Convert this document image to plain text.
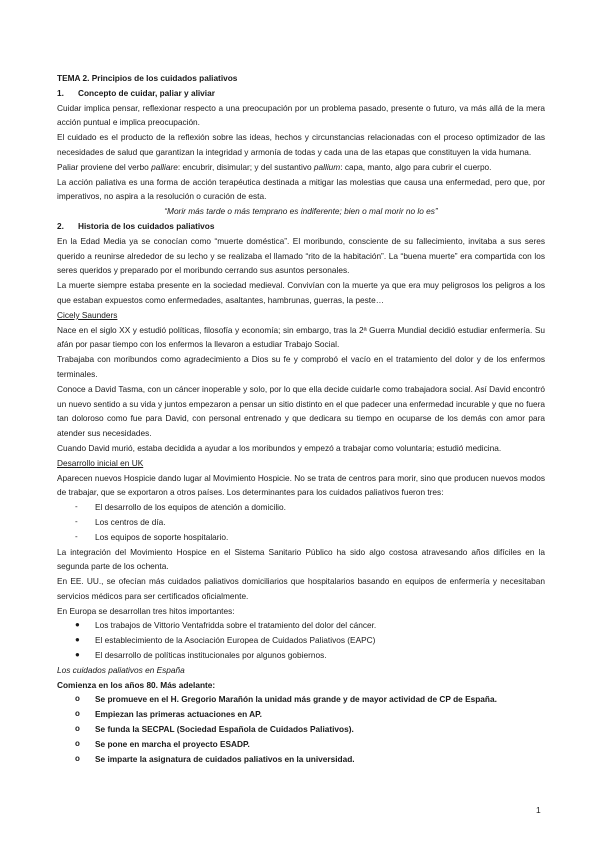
TEMA 2. Principios de los cuidados paliativos

1.	Concepto de cuidar, paliar y aliviar

Cuidar implica pensar, reflexionar respecto a una preocupación por un problema pasado, presente o futuro, va más allá de la mera acción puntual e implica preocupación.

El cuidado es el producto de la reflexión sobre las ideas, hechos y circunstancias relacionadas con el proceso optimizador de las necesidades de salud que garantizan la integridad y armonía de todas y cada una de las etapas que constituyen la vida humana.

Paliar proviene del verbo palliare: encubrir, disimular; y del sustantivo pallium: capa, manto, algo para cubrir el cuerpo.

La acción paliativa es una forma de acción terapéutica destinada a mitigar las molestias que causa una enfermedad, pero que, por imperativos, no aspira a la resolución o curación de esta.

“Morir más tarde o más temprano es indiferente; bien o mal morir no lo es”

2.	Historia de los cuidados paliativos

En la Edad Media ya se conocían como “muerte doméstica”. El moribundo, consciente de su fallecimiento, invitaba a sus seres querido a reunirse alrededor de su lecho y se realizaba el llamado “rito de la habitación”. La “buena muerte” era compartida con los seres queridos y preparado por el moribundo cerrando sus asuntos personales.

La muerte siempre estaba presente en la sociedad medieval. Convivían con la muerte ya que era muy peligrosos los peligros a los que estaban expuestos como enfermedades, asaltantes, hambrunas, guerras, la peste…

Cicely Saunders

Nace en el siglo XX y estudió políticas, filosofía y economía; sin embargo, tras la 2ª Guerra Mundial decidió estudiar enfermería. Su afán por pasar tiempo con los enfermos la llevaron a estudiar Trabajo Social.

Trabajaba con moribundos como agradecimiento a Dios su fe y comprobó el vacío en el tratamiento del dolor y de los enfermos terminales.

Conoce a David Tasma, con un cáncer inoperable y solo, por lo que ella decide cuidarle como trabajadora social. Así David encontró un nuevo sentido a su vida y juntos empezaron a pensar un sitio distinto en el que padecer una enfermedad incurable y que no fuera tan doloroso como fue para David, con personal entrenado y que dedicara su tiempo en ocuparse de los demás con amor para atender sus necesidades.

Cuando David murió, estaba decidida a ayudar a los moribundos y empezó a trabajar como voluntaria; estudió medicina.

Desarrollo inicial en UK

Aparecen nuevos Hospicie dando lugar al Movimiento Hospicie. No se trata de centros para morir, sino que producen nuevos modos de trabajar, que se exportaron a otros países. Los determinantes para los cuidados paliativos fueron tres:

-	El desarrollo de los equipos de atención a domicilio.
-	Los centros de día.
-	Los equipos de soporte hospitalario.

La integración del Movimiento Hospice en el Sistema Sanitario Público ha sido algo costosa atravesando años difíciles en la segunda parte de los ochenta.

En EE. UU., se ofecían más cuidados paliativos domiciliarios que hospitalarios basando en equipos de enfermería y necesitaban servicios médicos para ser certificados oficialmente.

En Europa se desarrollan tres hitos importantes:

●	Los trabajos de Vittorio Ventafridda sobre el tratamiento del dolor del cáncer.
●	El establecimiento de la Asociación Europea de Cuidados Paliativos (EAPC)
●	El desarrollo de políticas institucionales por algunos gobiernos.

Los cuidados paliativos en España

Comienza en los años 80. Más adelante:

o	Se promueve en el H. Gregorio Marañón la unidad más grande y de mayor actividad de CP de España.
o	Empiezan las primeras actuaciones en AP.
o	Se funda la SECPAL (Sociedad Española de Cuidados Paliativos).
o	Se pone en marcha el proyecto ESADP.
o	Se imparte la asignatura de cuidados paliativos en la universidad.
1
